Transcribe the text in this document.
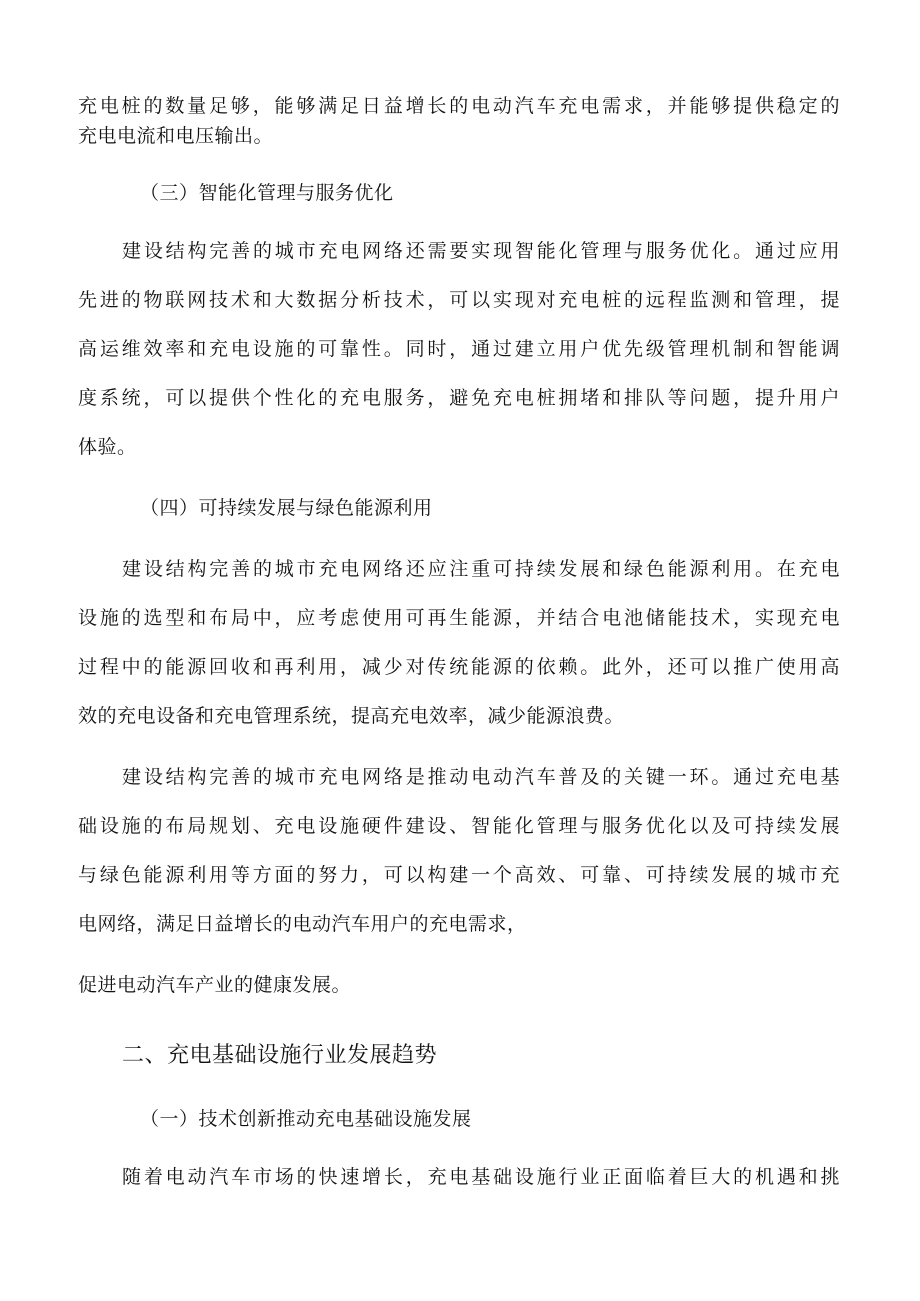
充电桩的数量足够，能够满足日益增长的电动汽车充电需求，并能够提供稳定的
充电电流和电压输出。
（三）智能化管理与服务优化
建设结构完善的城市充电网络还需要实现智能化管理与服务优化。通过应用
先进的物联网技术和大数据分析技术，可以实现对充电桩的远程监测和管理，提
高运维效率和充电设施的可靠性。同时，通过建立用户优先级管理机制和智能调
度系统，可以提供个性化的充电服务，避免充电桩拥堵和排队等问题，提升用户
体验。
（四）可持续发展与绿色能源利用
建设结构完善的城市充电网络还应注重可持续发展和绿色能源利用。在充电
设施的选型和布局中，应考虑使用可再生能源，并结合电池储能技术，实现充电
过程中的能源回收和再利用，减少对传统能源的依赖。此外，还可以推广使用高
效的充电设备和充电管理系统，提高充电效率，减少能源浪费。
建设结构完善的城市充电网络是推动电动汽车普及的关键一环。通过充电基
础设施的布局规划、充电设施硬件建设、智能化管理与服务优化以及可持续发展
与绿色能源利用等方面的努力，可以构建一个高效、可靠、可持续发展的城市充
电网络，满足日益增长的电动汽车用户的充电需求，
促进电动汽车产业的健康发展。
二、充电基础设施行业发展趋势
（一）技术创新推动充电基础设施发展
随着电动汽车市场的快速增长，充电基础设施行业正面临着巨大的机遇和挑
